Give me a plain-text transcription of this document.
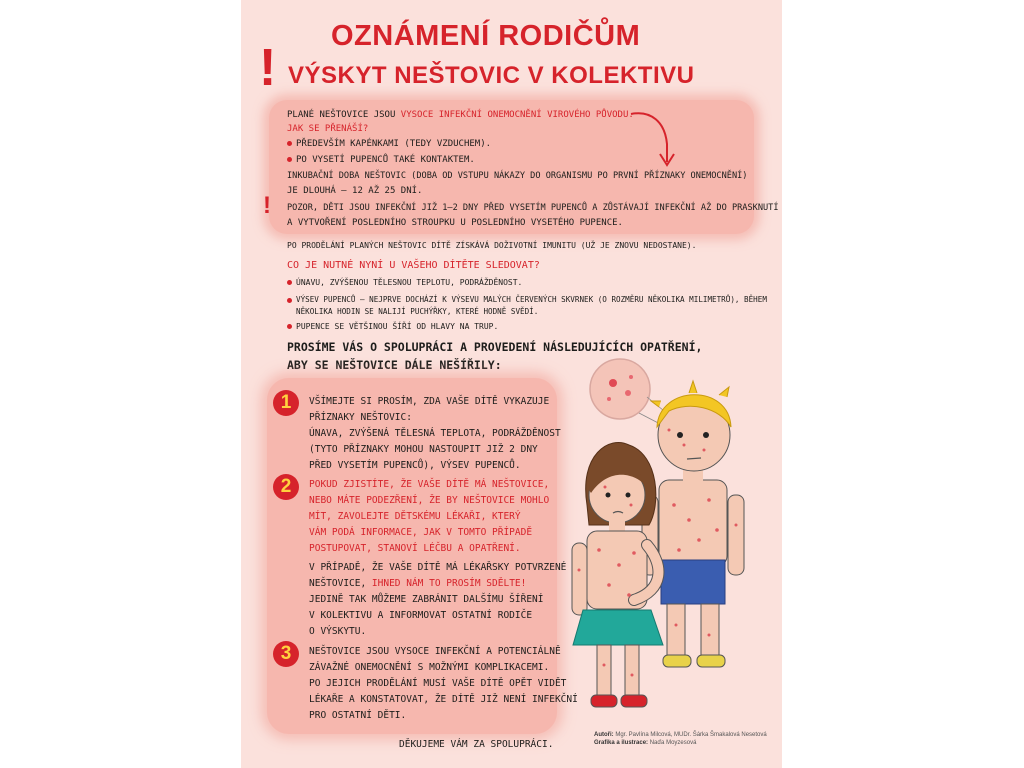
!
OZNÁMENÍ RODIČŮM
VÝSKYT NEŠTOVIC V KOLEKTIVU
PLANÉ NEŠTOVICE JSOU VYSOCE INFEKČNÍ ONEMOCNĚNÍ VIROVÉHO PŮVODU.
JAK SE PŘENÁŠÍ?
PŘEDEVŠÍM KAPÉNKAMI (TEDY VZDUCHEM).
PO VYSETÍ PUPENCŮ TAKÉ KONTAKTEM.
INKUBAČNÍ DOBA NEŠTOVIC (DOBA OD VSTUPU NÁKAZY DO ORGANISMU PO PRVNÍ PŘÍZNAKY ONEMOCNĚNÍ)
JE DLOUHÁ – 12 AŽ 25 DNÍ.
! POZOR, DĚTI JSOU INFEKČNÍ JIŽ 1–2 DNY PŘED VYSETÍM PUPENCŮ A ZŮSTÁVAJÍ INFEKČNÍ AŽ DO PRASKNUTÍ
A VYTVOŘENÍ POSLEDNÍHO STROUPKU U POSLEDNÍHO VYSETÉHO PUPENCE.
PO PRODĚLÁNÍ PLANÝCH NEŠTOVIC DÍTĚ ZÍSKÁVÁ DOŽIVOTNÍ IMUNITU (UŽ JE ZNOVU NEDOSTANE).
CO JE NUTNÉ NYNÍ U VAŠEHO DÍTĚTE SLEDOVAT?
ÚNAVU, ZVÝŠENOU TĚLESNOU TEPLOTU, PODRÁŽDĚNOST.
VÝSEV PUPENCŮ – NEJPRVE DOCHÁZÍ K VÝSEVU MALÝCH ČERVENÝCH SKVRNEK (O ROZMĚRU NĚKOLIKA MILIMETRŮ), BĚHEM
NĚKOLIKA HODIN SE NALIJÍ PUCHÝŘKY, KTERÉ HODNĚ SVĚDÍ.
PUPENCE SE VĚTŠINOU ŠÍŘÍ OD HLAVY NA TRUP.
PROSÍME VÁS O SPOLUPRÁCI A PROVEDENÍ NÁSLEDUJÍCÍCH OPATŘENÍ,
ABY SE NEŠTOVICE DÁLE NEŠÍŘILY:
1	VŠÍMEJTE SI PROSÍM, ZDA VAŠE DÍTĚ VYKAZUJE
PŘÍZNAKY NEŠTOVIC:
ÚNAVA, ZVÝŠENÁ TĚLESNÁ TEPLOTA, PODRÁŽDĚNOST
(TYTO PŘÍZNAKY MOHOU NASTOUPIT JIŽ 2 DNY
PŘED VYSETÍM PUPENCŮ), VÝSEV PUPENCŮ.
2	POKUD ZJISTÍTE, ŽE VAŠE DÍTĚ MÁ NEŠTOVICE,
NEBO MÁTE PODEZŘENÍ, ŽE BY NEŠTOVICE MOHLO
MÍT, ZAVOLEJTE DĚTSKÉMU LÉKAŘI, KTERÝ
VÁM PODÁ INFORMACE, JAK V TOMTO PŘÍPADĚ
POSTUPOVAT, STANOVÍ LÉČBU A OPATŘENÍ.
V PŘÍPADĚ, ŽE VAŠE DÍTĚ MÁ LÉKAŘSKY POTVRZENÉ
NEŠTOVICE, IHNED NÁM TO PROSÍM SDĚLTE!
JEDINĚ TAK MŮŽEME ZABRÁNIT DALŠÍMU ŠÍŘENÍ
V KOLEKTIVU A INFORMOVAT OSTATNÍ RODIČE
O VÝSKYTU.
3	NEŠTOVICE JSOU VYSOCE INFEKČNÍ A POTENCIÁLNĚ
ZÁVAŽNÉ ONEMOCNĚNÍ S MOŽNÝMI KOMPLIKACEMI.
PO JEJICH PRODĚLÁNÍ MUSÍ VAŠE DÍTĚ OPĚT VIDĚT
LÉKAŘE A KONSTATOVAT, ŽE DÍTĚ JIŽ NENÍ INFEKČNÍ
PRO OSTATNÍ DĚTI.
Autoři: Mgr. Pavlína Milcová, MUDr. Šárka Šmakalová Nesetová
Grafika a ilustrace: Naďa Moyzesová
DĚKUJEME VÁM ZA SPOLUPRÁCI.
